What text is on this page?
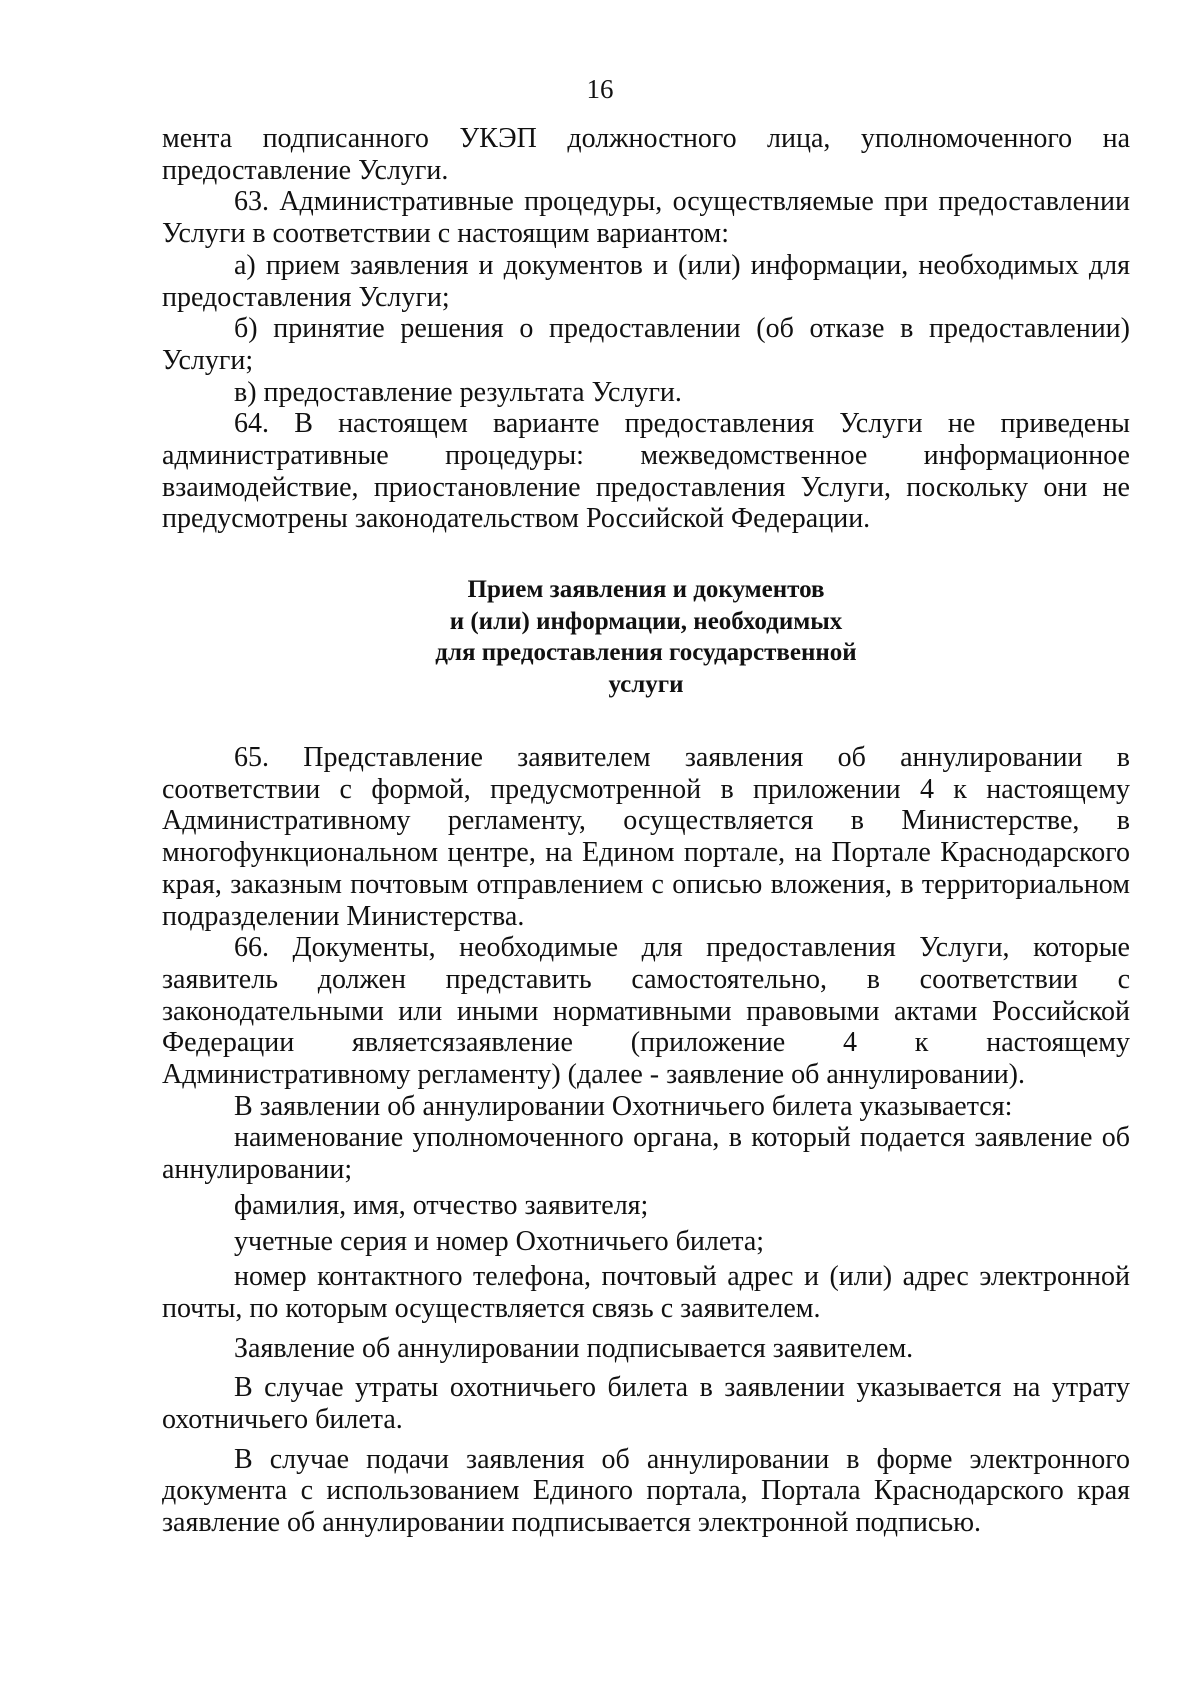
16

мента подписанного УКЭП должностного лица, уполномоченного на предоставление Услуги.

63. Административные процедуры, осуществляемые при предоставлении Услуги в соответствии с настоящим вариантом:

а) прием заявления и документов и (или) информации, необходимых для предоставления Услуги;

б) принятие решения о предоставлении (об отказе в предоставлении) Услуги;

в) предоставление результата Услуги.

64. В настоящем варианте предоставления Услуги не приведены административные процедуры: межведомственное информационное взаимодействие, приостановление предоставления Услуги, поскольку они не предусмотрены законодательством Российской Федерации.

Прием заявления и документов
и (или) информации, необходимых
для предоставления государственной
услуги

65. Представление заявителем заявления об аннулировании в соответствии с формой, предусмотренной в приложении 4 к настоящему Административному регламенту, осуществляется в Министерстве, в многофункциональном центре, на Едином портале, на Портале Краснодарского края, заказным почтовым отправлением с описью вложения, в территориальном подразделении Министерства.

66. Документы, необходимые для предоставления Услуги, которые заявитель должен представить самостоятельно, в соответствии с законодательными или иными нормативными правовыми актами Российской Федерации являетсязаявление (приложение 4 к настоящему Административному регламенту) (далее - заявление об аннулировании).

В заявлении об аннулировании Охотничьего билета указывается:

наименование уполномоченного органа, в который подается заявление об аннулировании;

фамилия, имя, отчество заявителя;

учетные серия и номер Охотничьего билета;

номер контактного телефона, почтовый адрес и (или) адрес электронной почты, по которым осуществляется связь с заявителем.

Заявление об аннулировании подписывается заявителем.

В случае утраты охотничьего билета в заявлении указывается на утрату охотничьего билета.

В случае подачи заявления об аннулировании в форме электронного документа с использованием Единого портала, Портала Краснодарского края заявление об аннулировании подписывается электронной подписью.
